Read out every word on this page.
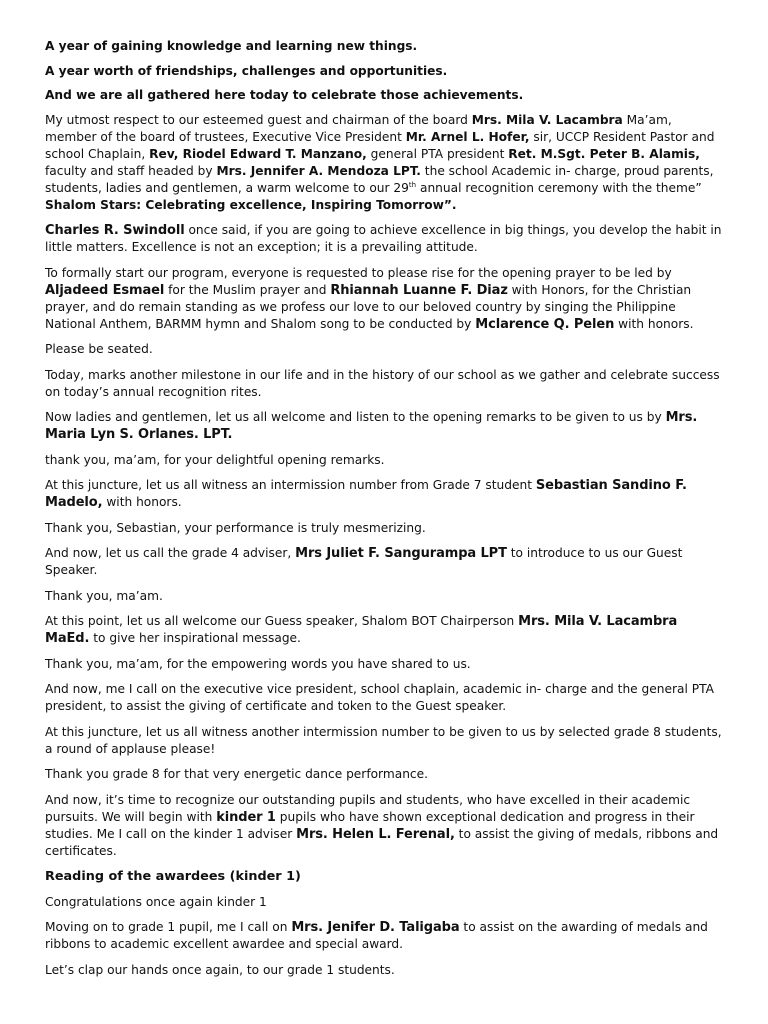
A year of gaining knowledge and learning new things.

A year worth of friendships, challenges and opportunities.

And we are all gathered here today to celebrate those achievements.

My utmost respect to our esteemed guest and chairman of the board Mrs. Mila V. Lacambra Ma’am, member of the board of trustees, Executive Vice President Mr. Arnel L. Hofer, sir, UCCP Resident Pastor and school Chaplain, Rev, Riodel Edward T. Manzano, general PTA president Ret. M.Sgt. Peter B. Alamis, faculty and staff headed by Mrs. Jennifer A. Mendoza LPT. the school Academic in- charge, proud parents, students, ladies and gentlemen, a warm welcome to our 29th annual recognition ceremony with the theme” Shalom Stars: Celebrating excellence, Inspiring Tomorrow”.

Charles R. Swindoll once said, if you are going to achieve excellence in big things, you develop the habit in little matters. Excellence is not an exception; it is a prevailing attitude.

To formally start our program, everyone is requested to please rise for the opening prayer to be led by Aljadeed Esmael for the Muslim prayer and Rhiannah Luanne F. Diaz with Honors, for the Christian prayer, and do remain standing as we profess our love to our beloved country by singing the Philippine National Anthem, BARMM hymn and Shalom song to be conducted by Mclarence Q. Pelen with honors.

Please be seated.

Today, marks another milestone in our life and in the history of our school as we gather and celebrate success on today’s annual recognition rites.

Now ladies and gentlemen, let us all welcome and listen to the opening remarks to be given to us by Mrs. Maria Lyn S. Orlanes. LPT.

thank you, ma’am, for your delightful opening remarks.

At this juncture, let us all witness an intermission number from Grade 7 student Sebastian Sandino F. Madelo, with honors.

Thank you, Sebastian, your performance is truly mesmerizing.

And now, let us call the grade 4 adviser, Mrs Juliet F. Sangurampa LPT to introduce to us our Guest Speaker.

Thank you, ma’am.

At this point, let us all welcome our Guess speaker, Shalom BOT Chairperson Mrs. Mila V. Lacambra MaEd. to give her inspirational message.

Thank you, ma’am, for the empowering words you have shared to us.

And now, me I call on the executive vice president, school chaplain, academic in- charge and the general PTA president, to assist the giving of certificate and token to the Guest speaker.

At this juncture, let us all witness another intermission number to be given to us by selected grade 8 students, a round of applause please!

Thank you grade 8 for that very energetic dance performance.

And now, it’s time to recognize our outstanding pupils and students, who have excelled in their academic pursuits. We will begin with kinder 1 pupils who have shown exceptional dedication and progress in their studies. Me I call on the kinder 1 adviser Mrs. Helen L. Ferenal, to assist the giving of medals, ribbons and certificates.

Reading of the awardees (kinder 1)

Congratulations once again kinder 1

Moving on to grade 1 pupil, me I call on Mrs. Jenifer D. Taligaba to assist on the awarding of medals and ribbons to academic excellent awardee and special award.

Let’s clap our hands once again, to our grade 1 students.
